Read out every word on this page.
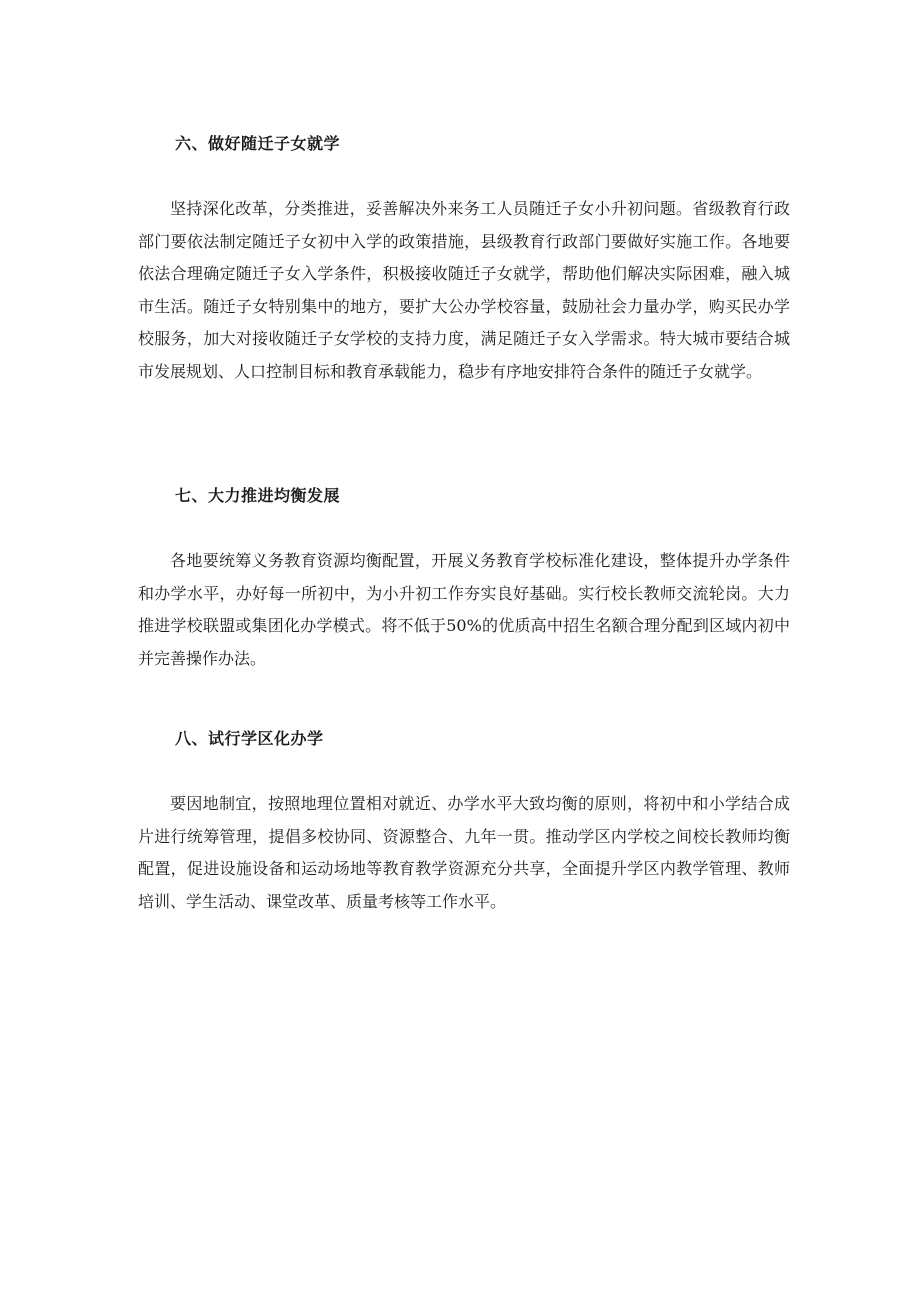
六、做好随迁子女就学

坚持深化改革，分类推进，妥善解决外来务工人员随迁子女小升初问题。省级教育行政部门要依法制定随迁子女初中入学的政策措施，县级教育行政部门要做好实施工作。各地要依法合理确定随迁子女入学条件，积极接收随迁子女就学，帮助他们解决实际困难，融入城市生活。随迁子女特别集中的地方，要扩大公办学校容量，鼓励社会力量办学，购买民办学校服务，加大对接收随迁子女学校的支持力度，满足随迁子女入学需求。特大城市要结合城市发展规划、人口控制目标和教育承载能力，稳步有序地安排符合条件的随迁子女就学。

七、大力推进均衡发展

各地要统筹义务教育资源均衡配置，开展义务教育学校标准化建设，整体提升办学条件和办学水平，办好每一所初中，为小升初工作夯实良好基础。实行校长教师交流轮岗。大力推进学校联盟或集团化办学模式。将不低于50%的优质高中招生名额合理分配到区域内初中并完善操作办法。

八、试行学区化办学

要因地制宜，按照地理位置相对就近、办学水平大致均衡的原则，将初中和小学结合成片进行统筹管理，提倡多校协同、资源整合、九年一贯。推动学区内学校之间校长教师均衡配置，促进设施设备和运动场地等教育教学资源充分共享，全面提升学区内教学管理、教师培训、学生活动、课堂改革、质量考核等工作水平。
